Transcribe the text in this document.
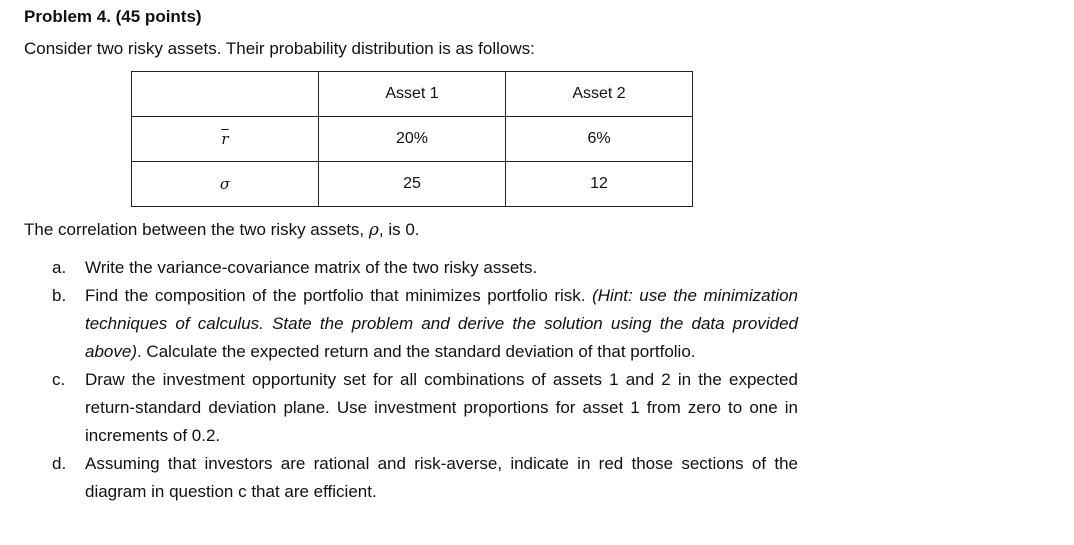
Problem 4. (45 points)
Consider two risky assets. Their probability distribution is as follows:
	Asset 1	Asset 2
$\overline{r}$	20%	6%
σ	25	12
The correlation between the two risky assets, ρ, is 0.
a.	Write the variance-covariance matrix of the two risky assets.
b.	Find the composition of the portfolio that minimizes portfolio risk. (Hint: use the minimization techniques of calculus. State the problem and derive the solution using the data provided above). Calculate the expected return and the standard deviation of that portfolio.
c.	Draw the investment opportunity set for all combinations of assets 1 and 2 in the expected return-standard deviation plane. Use investment proportions for asset 1 from zero to one in increments of 0.2.
d.	Assuming that investors are rational and risk-averse, indicate in red those sections of the diagram in question c that are efficient.
